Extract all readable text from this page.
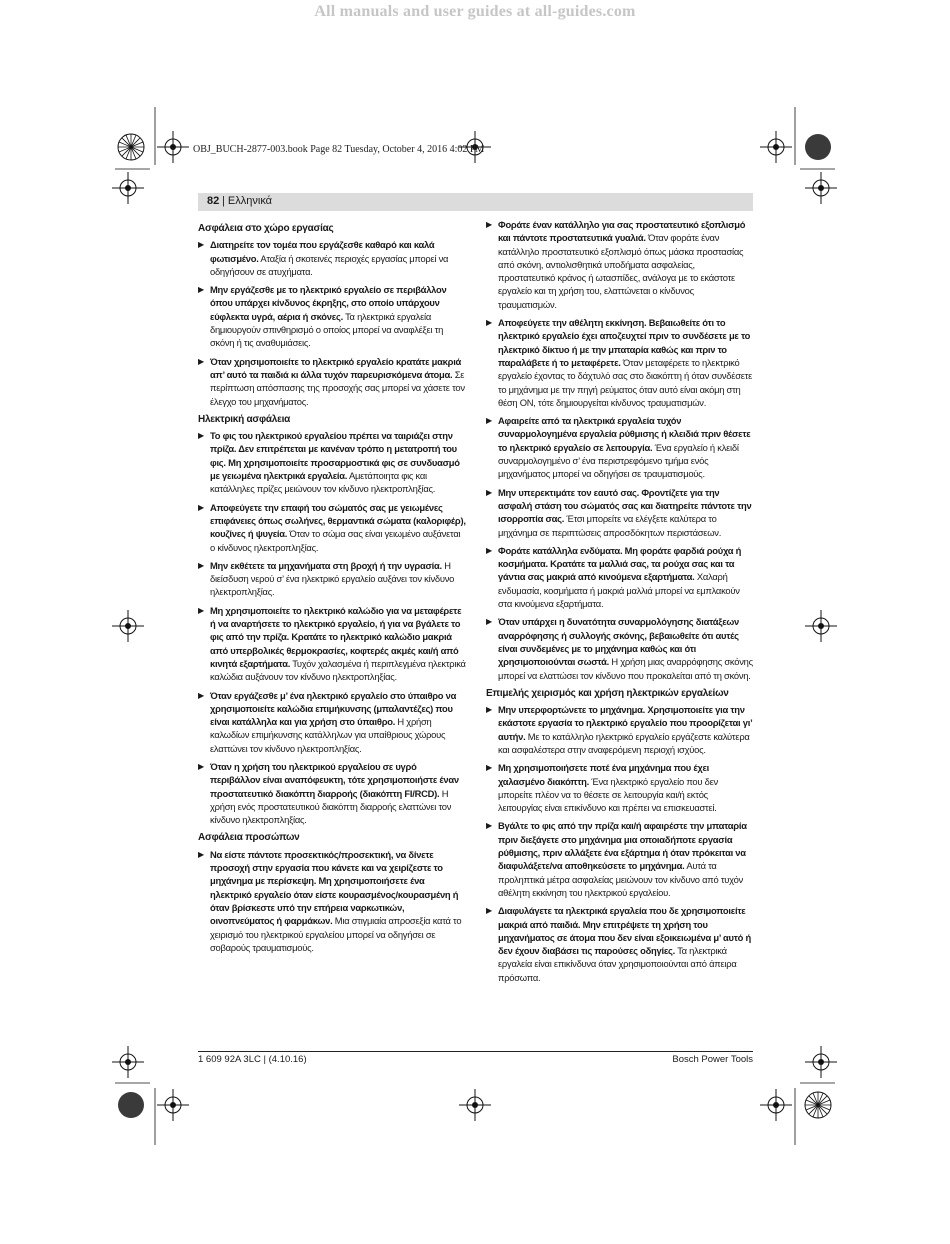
All manuals and user guides at all-guides.com
OBJ_BUCH-2877-003.book Page 82 Tuesday, October 4, 2016 4:02 PM
82 | Ελληνικά
Ασφάλεια στο χώρο εργασίας
▶ Διατηρείτε τον τομέα που εργάζεσθε καθαρό και καλά φωτισμένο. Αταξία ή σκοτεινές περιοχές εργασίας μπορεί να οδηγήσουν σε ατυχήματα.
▶ Μην εργάζεσθε με το ηλεκτρικό εργαλείο σε περιβάλλον όπου υπάρχει κίνδυνος έκρηξης, στο οποίο υπάρχουν εύφλεκτα υγρά, αέρια ή σκόνες. Τα ηλεκτρικά εργαλεία δημιουργούν σπινθηρισμό ο οποίος μπορεί να αναφλέξει τη σκόνη ή τις αναθυμιάσεις.
▶ Όταν χρησιμοποιείτε το ηλεκτρικό εργαλείο κρατάτε μακριά απ’ αυτό τα παιδιά κι άλλα τυχόν παρευρισκόμενα άτομα. Σε περίπτωση απόσπασης της προσοχής σας μπορεί να χάσετε τον έλεγχο του μηχανήματος.
Ηλεκτρική ασφάλεια
▶ Το φις του ηλεκτρικού εργαλείου πρέπει να ταιριάζει στην πρίζα. Δεν επιτρέπεται με κανέναν τρόπο η μετατροπή του φις. Μη χρησιμοποιείτε προσαρμοστικά φις σε συνδυασμό με γειωμένα ηλεκτρικά εργαλεία. Αμετάποιητα φις και κατάλληλες πρίζες μειώνουν τον κίνδυνο ηλεκτροπληξίας.
▶ Αποφεύγετε την επαφή του σώματός σας με γειωμένες επιφάνειες όπως σωλήνες, θερμαντικά σώματα (καλοριφέρ), κουζίνες ή ψυγεία. Όταν το σώμα σας είναι γειωμένο αυξάνεται ο κίνδυνος ηλεκτροπληξίας.
▶ Μην εκθέτετε τα μηχανήματα στη βροχή ή την υγρασία. Η διείσδυση νερού σ’ ένα ηλεκτρικό εργαλείο αυξάνει τον κίνδυνο ηλεκτροπληξίας.
▶ Μη χρησιμοποιείτε το ηλεκτρικό καλώδιο για να μεταφέρετε ή να αναρτήσετε το ηλεκτρικό εργαλείο, ή για να βγάλετε το φις από την πρίζα. Κρατάτε το ηλεκτρικό καλώδιο μακριά από υπερβολικές θερμοκρασίες, κοφτερές ακμές και/ή από κινητά εξαρτήματα. Τυχόν χαλασμένα ή περιπλεγμένα ηλεκτρικά καλώδια αυξάνουν τον κίνδυνο ηλεκτροπληξίας.
▶ Όταν εργάζεσθε μ’ ένα ηλεκτρικό εργαλείο στο ύπαιθρο να χρησιμοποιείτε καλώδια επιμήκυνσης (μπαλαντέζες) που είναι κατάλληλα και για χρήση στο ύπαιθρο. Η χρήση καλωδίων επιμήκυνσης κατάλληλων για υπαίθριους χώρους ελαττώνει τον κίνδυνο ηλεκτροπληξίας.
▶ Όταν η χρήση του ηλεκτρικού εργαλείου σε υγρό περιβάλλον είναι αναπόφευκτη, τότε χρησιμοποιήστε έναν προστατευτικό διακόπτη διαρροής (διακόπτη FI/RCD). Η χρήση ενός προστατευτικού διακόπτη διαρροής ελαττώνει τον κίνδυνο ηλεκτροπληξίας.
Ασφάλεια προσώπων
▶ Να είστε πάντοτε προσεκτικός/προσεκτική, να δίνετε προσοχή στην εργασία που κάνετε και να χειρίζεστε το μηχάνημα με περίσκεψη. Μη χρησιμοποιήσετε ένα ηλεκτρικό εργαλείο όταν είστε κουρασμένος/κουρασμένη ή όταν βρίσκεστε υπό την επήρεια ναρκωτικών, οινοπνεύματος ή φαρμάκων. Μια στιγμιαία απροσεξία κατά το χειρισμό του ηλεκτρικού εργαλείου μπορεί να οδηγήσει σε σοβαρούς τραυματισμούς.
▶ Φοράτε έναν κατάλληλο για σας προστατευτικό εξοπλισμό και πάντοτε προστατευτικά γυαλιά. Όταν φοράτε έναν κατάλληλο προστατευτικό εξοπλισμό όπως μάσκα προστασίας από σκόνη, αντιολισθητικά υποδήματα ασφαλείας, προστατευτικό κράνος ή ωτασπίδες, ανάλογα με το εκάστοτε εργαλείο και τη χρήση του, ελαττώνεται ο κίνδυνος τραυματισμών.
▶ Αποφεύγετε την αθέλητη εκκίνηση. Βεβαιωθείτε ότι το ηλεκτρικό εργαλείο έχει αποζευχτεί πριν το συνδέσετε με το ηλεκτρικό δίκτυο ή με την μπαταρία καθώς και πριν το παραλάβετε ή το μεταφέρετε. Όταν μεταφέρετε το ηλεκτρικό εργαλείο έχοντας το δάχτυλό σας στο διακόπτη ή όταν συνδέσετε το μηχάνημα με την πηγή ρεύματος όταν αυτό είναι ακόμη στη θέση ON, τότε δημιουργείται κίνδυνος τραυματισμών.
▶ Αφαιρείτε από τα ηλεκτρικά εργαλεία τυχόν συναρμολογημένα εργαλεία ρύθμισης ή κλειδιά πριν θέσετε το ηλεκτρικό εργαλείο σε λειτουργία. Ένα εργαλείο ή κλειδί συναρμολογημένο σ’ ένα περιστρεφόμενο τμήμα ενός μηχανήματος μπορεί να οδηγήσει σε τραυματισμούς.
▶ Μην υπερεκτιμάτε τον εαυτό σας. Φροντίζετε για την ασφαλή στάση του σώματός σας και διατηρείτε πάντοτε την ισορροπία σας. Έτσι μπορείτε να ελέγξετε καλύτερα το μηχάνημα σε περιπτώσεις απροσδόκητων περιστάσεων.
▶ Φοράτε κατάλληλα ενδύματα. Μη φοράτε φαρδιά ρούχα ή κοσμήματα. Κρατάτε τα μαλλιά σας, τα ρούχα σας και τα γάντια σας μακριά από κινούμενα εξαρτήματα. Χαλαρή ενδυμασία, κοσμήματα ή μακριά μαλλιά μπορεί να εμπλακούν στα κινούμενα εξαρτήματα.
▶ Όταν υπάρχει η δυνατότητα συναρμολόγησης διατάξεων αναρρόφησης ή συλλογής σκόνης, βεβαιωθείτε ότι αυτές είναι συνδεμένες με το μηχάνημα καθώς και ότι χρησιμοποιούνται σωστά. Η χρήση μιας αναρρόφησης σκόνης μπορεί να ελαττώσει τον κίνδυνο που προκαλείται από τη σκόνη.
Επιμελής χειρισμός και χρήση ηλεκτρικών εργαλείων
▶ Μην υπερφορτώνετε το μηχάνημα. Χρησιμοποιείτε για την εκάστοτε εργασία το ηλεκτρικό εργαλείο που προορίζεται γι’ αυτήν. Με το κατάλληλο ηλεκτρικό εργαλείο εργάζεστε καλύτερα και ασφαλέστερα στην αναφερόμενη περιοχή ισχύος.
▶ Μη χρησιμοποιήσετε ποτέ ένα μηχάνημα που έχει χαλασμένο διακόπτη. Ένα ηλεκτρικό εργαλείο που δεν μπορείτε πλέον να το θέσετε σε λειτουργία και/ή εκτός λειτουργίας είναι επικίνδυνο και πρέπει να επισκευαστεί.
▶ Βγάλτε το φις από την πρίζα και/ή αφαιρέστε την μπαταρία πριν διεξάγετε στο μηχάνημα μια οποιαδήποτε εργασία ρύθμισης, πριν αλλάξετε ένα εξάρτημα ή όταν πρόκειται να διαφυλάξετε/να αποθηκεύσετε το μηχάνημα. Αυτά τα προληπτικά μέτρα ασφαλείας μειώνουν τον κίνδυνο από τυχόν αθέλητη εκκίνηση του ηλεκτρικού εργαλείου.
▶ Διαφυλάγετε τα ηλεκτρικά εργαλεία που δε χρησιμοποιείτε μακριά από παιδιά. Μην επιτρέψετε τη χρήση του μηχανήματος σε άτομα που δεν είναι εξοικειωμένα μ’ αυτό ή δεν έχουν διαβάσει τις παρούσες οδηγίες. Τα ηλεκτρικά εργαλεία είναι επικίνδυνα όταν χρησιμοποιούνται από άπειρα πρόσωπα.
1 609 92A 3LC | (4.10.16)	Bosch Power Tools
